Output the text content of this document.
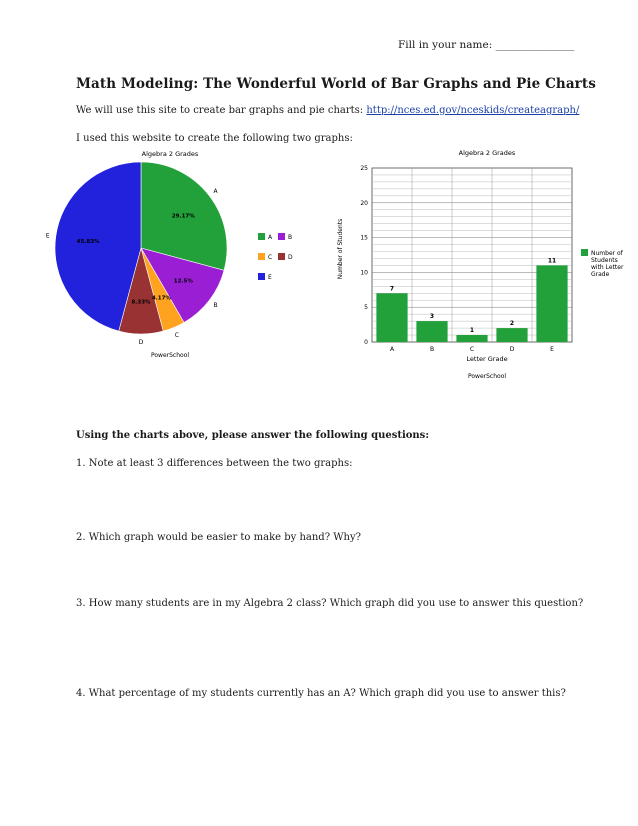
Fill in your name: _______________
Math Modeling: The Wonderful World of Bar Graphs and Pie Charts
We will use this site to create bar graphs and pie charts: http://nces.ed.gov/nceskids/createagraph/
I used this website to create the following two graphs:
Algebra 2 Grades
29.17%
A
12.5%
B
4.17%
C
8.33%
D
45.83%
E	A	B
C	D
E
PowerSchool
Algebra 2 Grades
0
5
10
15
20
25
7
A
3
B
1
C
2
D
11
E
Number of Students with Letter Grade
Number of Students
Letter Grade
PowerSchool
Using the charts above, please answer the following questions:
1. Note at least 3 differences between the two graphs:
2. Which graph would be easier to make by hand? Why?
3. How many students are in my Algebra 2 class? Which graph did you use to answer this question?
4. What percentage of my students currently has an A? Which graph did you use to answer this?
